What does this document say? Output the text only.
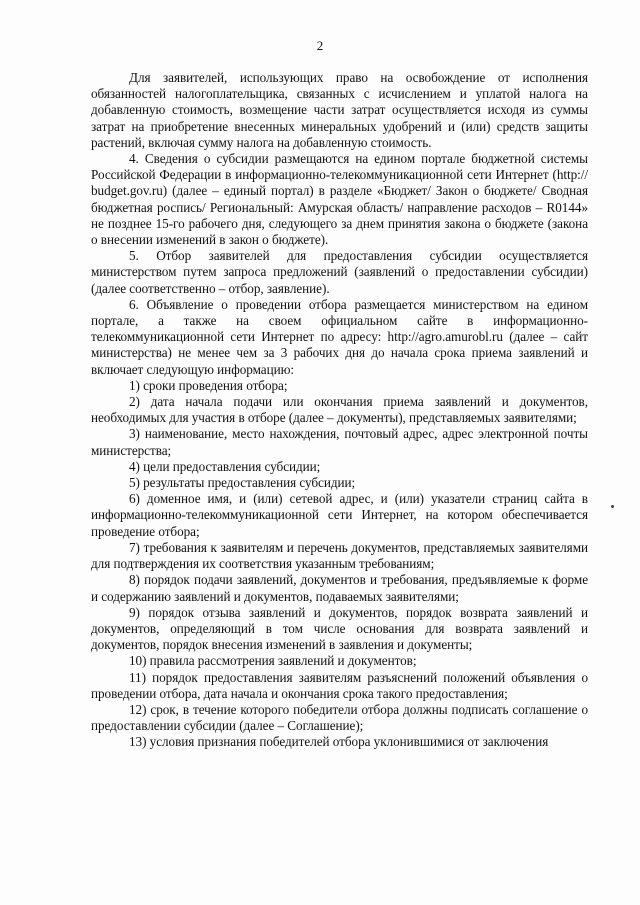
2

Для заявителей, использующих право на освобождение от исполнения обязанностей налогоплательщика, связанных с исчислением и уплатой налога на добавленную стоимость, возмещение части затрат осуществляется исходя из суммы затрат на приобретение внесенных минеральных удобрений и (или) средств защиты растений, включая сумму налога на добавленную стоимость.

4. Сведения о субсидии размещаются на едином портале бюджетной системы Российской Федерации в информационно-телекоммуникационной сети Интернет (http:// budget.gov.ru) (далее – единый портал) в разделе «Бюджет/ Закон о бюджете/ Сводная бюджетная роспись/ Региональный: Амурская область/ направление расходов – R0144» не позднее 15-го рабочего дня, следующего за днем принятия закона о бюджете (закона о внесении изменений в закон о бюджете).

5. Отбор заявителей для предоставления субсидии осуществляется министерством путем запроса предложений (заявлений о предоставлении субсидии) (далее соответственно – отбор, заявление).

6. Объявление о проведении отбора размещается министерством на едином портале, а также на своем официальном сайте в информационно-телекоммуникационной сети Интернет по адресу: http://agro.amurobl.ru (далее – сайт министерства) не менее чем за 3 рабочих дня до начала срока приема заявлений и включает следующую информацию:

1) сроки проведения отбора;

2) дата начала подачи или окончания приема заявлений и документов, необходимых для участия в отборе (далее – документы), представляемых заявителями;

3) наименование, место нахождения, почтовый адрес, адрес электронной почты министерства;

4) цели предоставления субсидии;

5) результаты предоставления субсидии;

6) доменное имя, и (или) сетевой адрес, и (или) указатели страниц сайта в информационно-телекоммуникационной сети Интернет, на котором обеспечивается проведение отбора;

7) требования к заявителям и перечень документов, представляемых заявителями для подтверждения их соответствия указанным требованиям;

8) порядок подачи заявлений, документов и требования, предъявляемые к форме и содержанию заявлений и документов, подаваемых заявителями;

9) порядок отзыва заявлений и документов, порядок возврата заявлений и документов, определяющий в том числе основания для возврата заявлений и документов, порядок внесения изменений в заявления и документы;

10) правила рассмотрения заявлений и документов;

11) порядок предоставления заявителям разъяснений положений объявления о проведении отбора, дата начала и окончания срока такого предоставления;

12) срок, в течение которого победители отбора должны подписать соглашение о предоставлении субсидии (далее – Соглашение);

13) условия признания победителей отбора уклонившимися от заключения
